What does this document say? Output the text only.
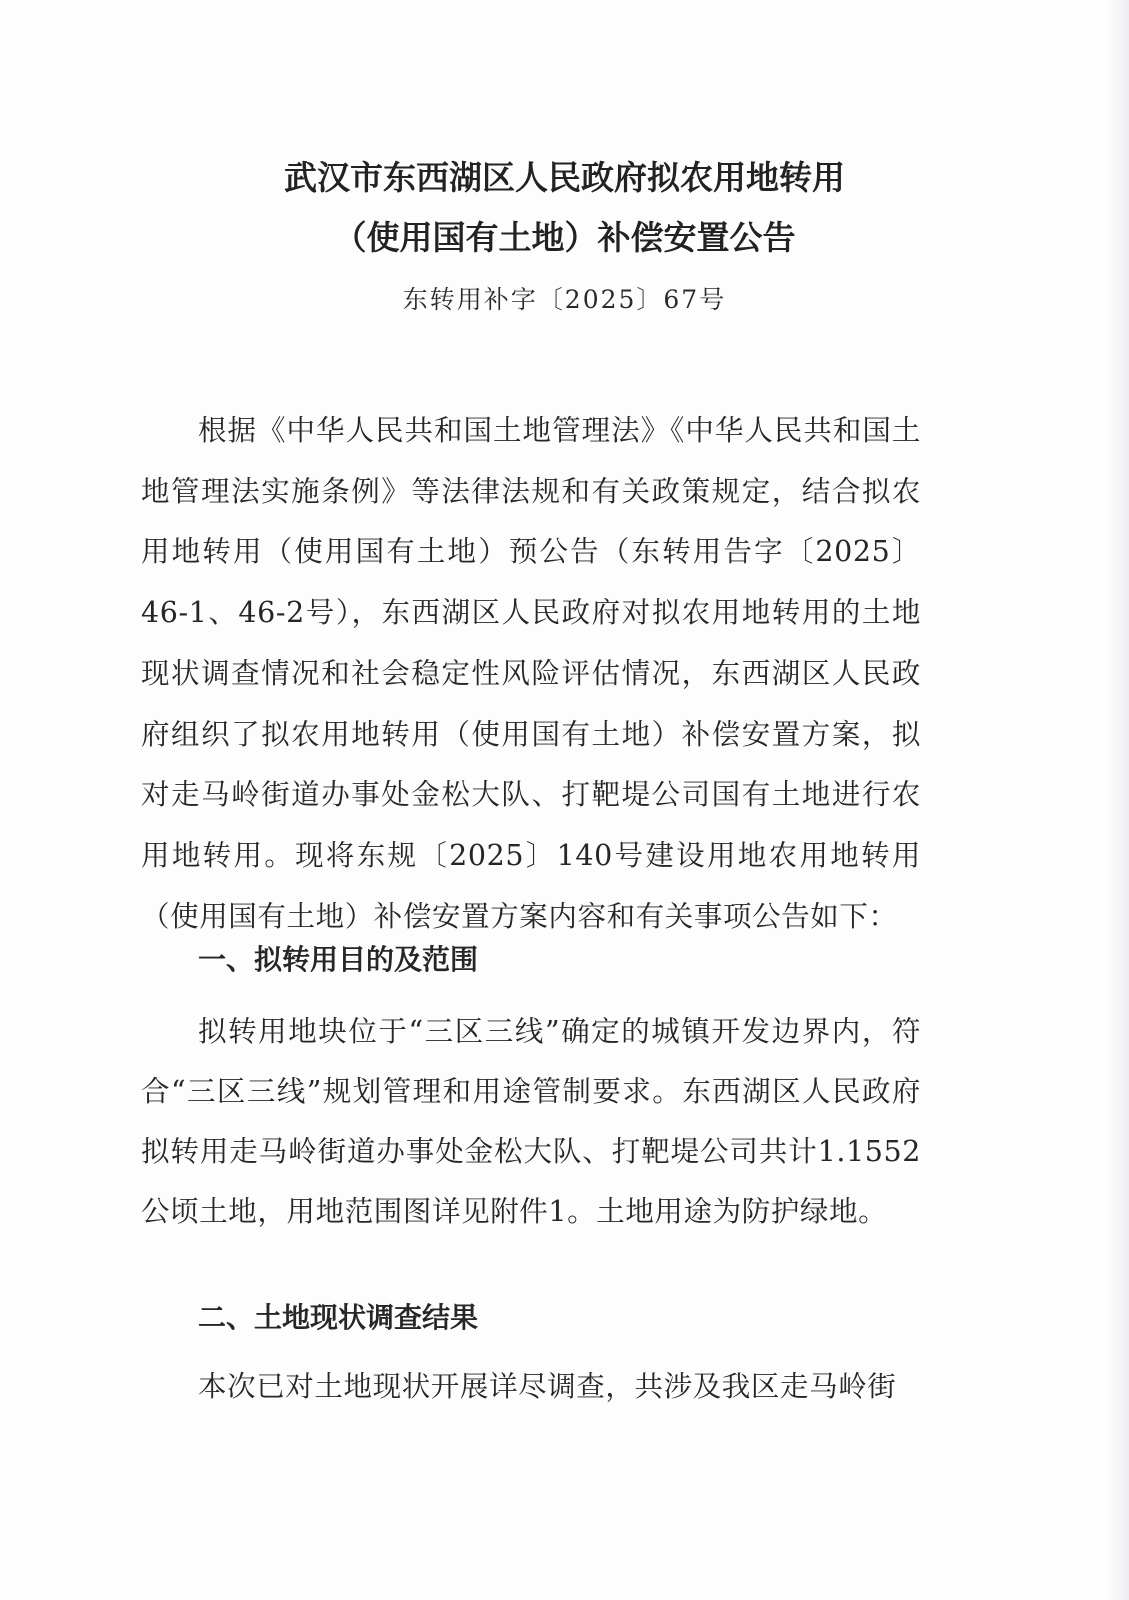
武汉市东西湖区人民政府拟农用地转用
（使用国有土地）补偿安置公告
东转用补字〔2025〕67号

根据《中华人民共和国土地管理法》《中华人民共和国土地管理法实施条例》等法律法规和有关政策规定，结合拟农用地转用（使用国有土地）预公告（东转用告字〔2025〕46-1、46-2号），东西湖区人民政府对拟农用地转用的土地现状调查情况和社会稳定性风险评估情况，东西湖区人民政府组织了拟农用地转用（使用国有土地）补偿安置方案，拟对走马岭街道办事处金松大队、打靶堤公司国有土地进行农用地转用。现将东规〔2025〕140号建设用地农用地转用（使用国有土地）补偿安置方案内容和有关事项公告如下：

一、拟转用目的及范围

拟转用地块位于“三区三线”确定的城镇开发边界内，符合“三区三线”规划管理和用途管制要求。东西湖区人民政府拟转用走马岭街道办事处金松大队、打靶堤公司共计1.1552公顷土地，用地范围图详见附件1。土地用途为防护绿地。

二、土地现状调查结果

本次已对土地现状开展详尽调查，共涉及我区走马岭街
